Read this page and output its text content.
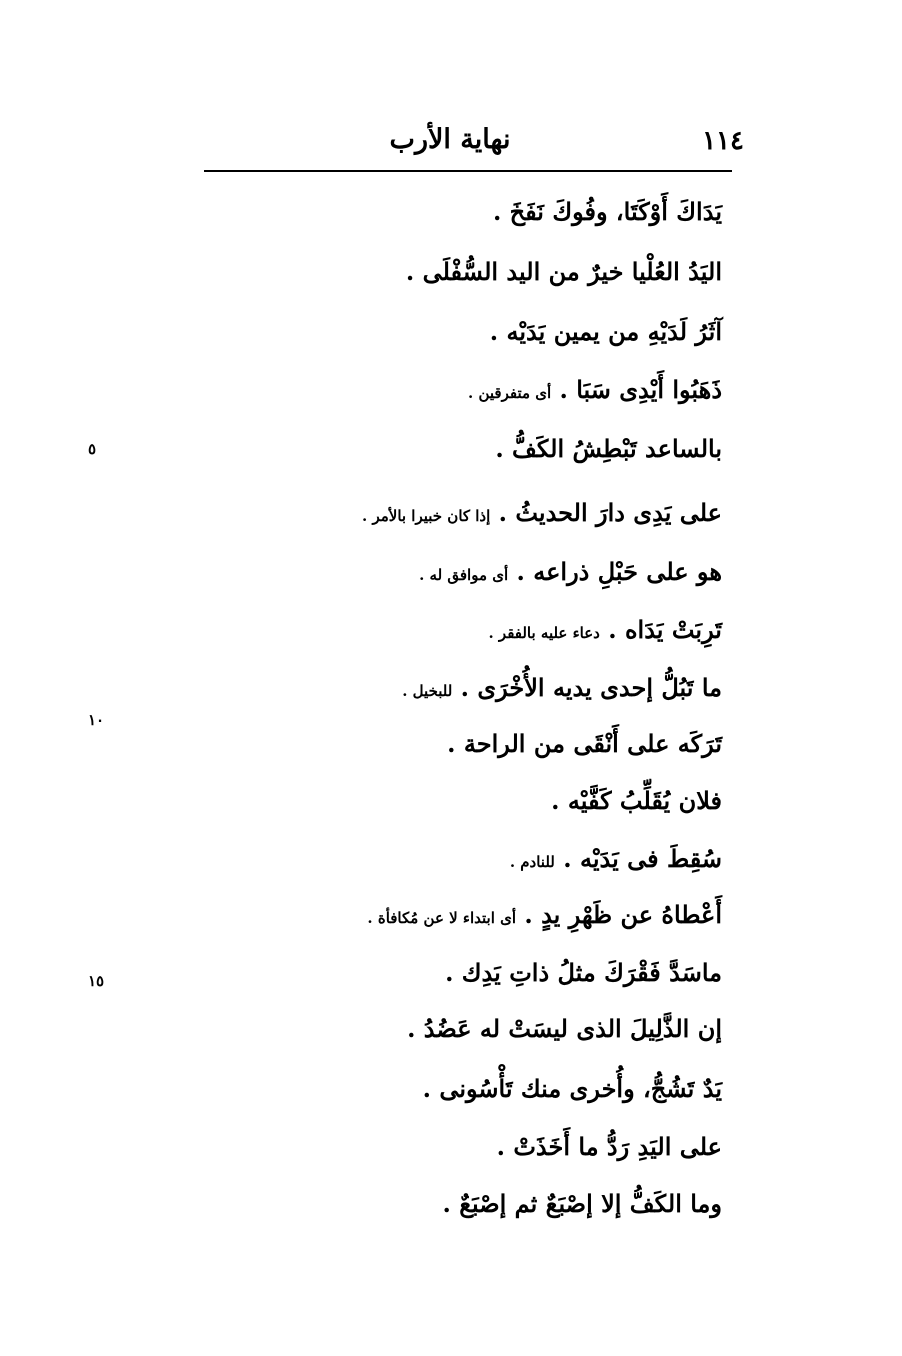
نهاية الأرب	١١٤
يَدَاكَ أَوْكَتَا، وفُوكَ نَفَخَ .
اليَدُ العُلْيا خيرٌ من اليد السُّفْلَى .
آثَرُ لَدَيْهِ من يمين يَدَيْه .
ذَهَبُوا أَيْدِى سَبَا . أى متفرقين .
بالساعد تَبْطِشُ الكَفُّ .
على يَدِى دارَ الحديثُ . إذا كان خبيرا بالأمر .
هو على حَبْلِ ذراعه . أى موافق له .
تَرِبَتْ يَدَاه . دعاء عليه بالفقر .
ما تَبُلُّ إحدى يديه الأُخْرَى . للبخيل .
تَرَكَه على أَنْقَى من الراحة .
فلان يُقَلِّبُ كَفَّيْه .
سُقِطَ فى يَدَيْه . للنادم .
أَعْطاهُ عن ظَهْرِ يدٍ . أى ابتداء لا عن مُكافأة .
ماسَدَّ فَقْرَكَ مثلُ ذاتِ يَدِك .
إن الذَّلِيلَ الذى ليسَتْ له عَضُدُ .
يَدٌ تَشُجُّ، وأُخرى منك تَأْسُونى .
على اليَدِ رَدُّ ما أَخَذَتْ .
وما الكَفُّ إلا إصْبَعٌ ثم إصْبَعٌ .
٥
١٠
١٥
